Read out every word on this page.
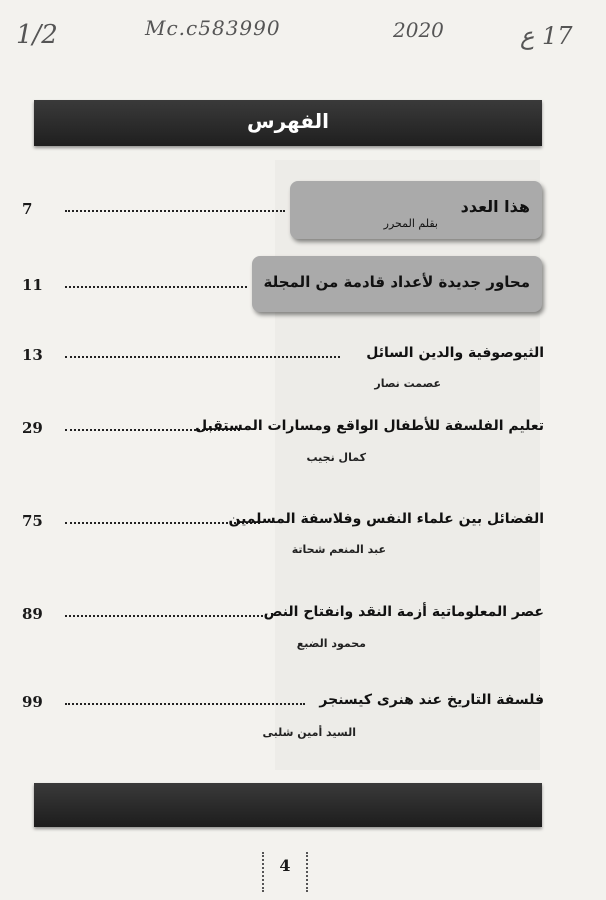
1/2	Mc.c583990	2020	17 ع
الفهرس
7	هذا العدد
بقلم المحرر
11	محاور جديدة لأعداد قادمة من المجلة
13	الثيوصوفية والدين السائل
عصمت نصار
29	تعليم الفلسفة للأطفال الواقع ومسارات المستقبل
كمال نجيب
75	الفضائل بين علماء النفس وفلاسفة المسلمين
عبد المنعم شحاتة
89	عصر المعلوماتية أزمة النقد وانفتاح النص
محمود الضبع
99	فلسفة التاريخ عند هنرى كيسنجر
السيد أمين شلبى
4
